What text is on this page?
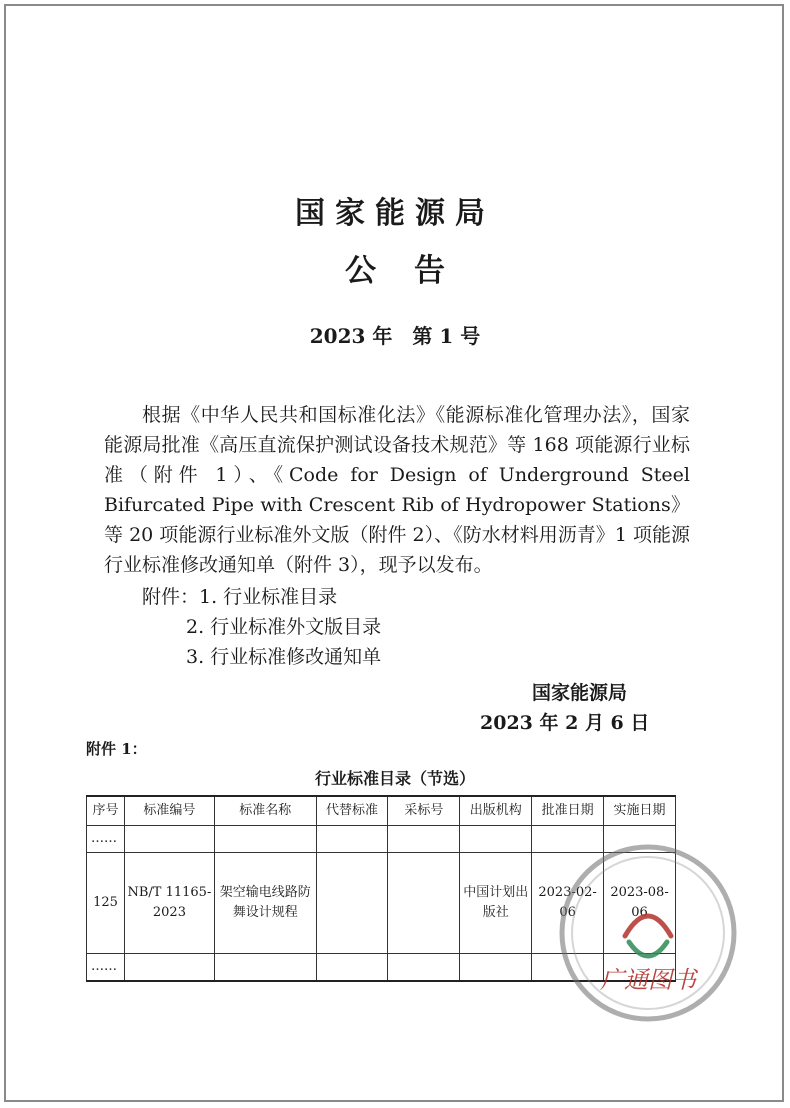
国家能源局
公告
2023 年　第 1 号

根据《中华人民共和国标准化法》《能源标准化管理办法》，国家能源局批准《高压直流保护测试设备技术规范》等 168 项能源行业标准（附件 1）、《Code for Design of Underground Steel Bifurcated Pipe with Crescent Rib of Hydropower Stations》等 20 项能源行业标准外文版（附件 2）、《防水材料用沥青》1 项能源行业标准修改通知单（附件 3），现予以发布。

附件：1. 行业标准目录
2. 行业标准外文版目录
3. 行业标准修改通知单
国家能源局
2023 年 2 月 6 日
附件 1：
行业标准目录（节选）
序号	标准编号	标准名称	代替标准	采标号	出版机构	批准日期	实施日期
……							
125	NB/T 11165-2023	架空输电线路防舞设计规程			中国计划出版社	2023-02-06	2023-08-06
……								广通图书
